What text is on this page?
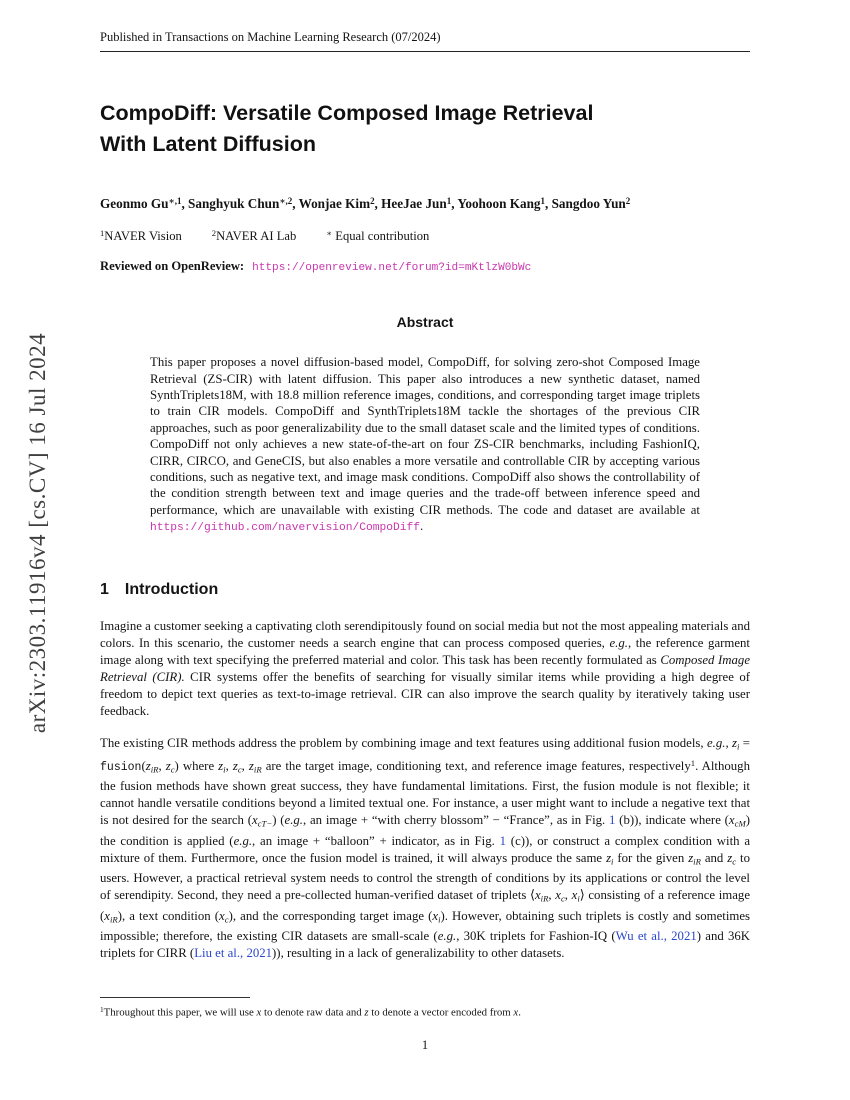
arXiv:2303.11916v4 [cs.CV] 16 Jul 2024
Published in Transactions on Machine Learning Research (07/2024)
CompoDiff: Versatile Composed Image Retrieval
With Latent Diffusion
Geonmo $Gu^{∗,1}$, Sanghyuk Chun$^{∗,2}$, Wonjae Kim$^2$, HeeJae Jun$^1$, Yoohoon Kang$^1$, Sangdoo Yun$^2$
$^1$NAVER Vision	$^2$NAVER AI Lab	∗ Equal contribution
Reviewed on OpenReview: https://openreview.net/forum?id=mKtlzW0bWc
Abstract
This paper proposes a novel diffusion-based model, CompoDiff, for solving zero-shot Composed Image Retrieval (ZS-CIR) with latent diffusion. This paper also introduces a new synthetic dataset, named SynthTriplets18M, with 18.8 million reference images, conditions, and corresponding target image triplets to train CIR models. CompoDiff and SynthTriplets18M tackle the shortages of the previous CIR approaches, such as poor generalizability due to the small dataset scale and the limited types of conditions. CompoDiff not only achieves a new state-of-the-art on four ZS-CIR benchmarks, including FashionIQ, CIRR, CIRCO, and GeneCIS, but also enables a more versatile and controllable CIR by accepting various conditions, such as negative text, and image mask conditions. CompoDiff also shows the controllability of the condition strength between text and image queries and the trade-off between inference speed and performance, which are unavailable with existing CIR methods. The code and dataset are available at https://github.com/navervision/CompoDiff.
1 Introduction

Imagine a customer seeking a captivating cloth serendipitously found on social media but not the most appealing materials and colors. In this scenario, the customer needs a search engine that can process composed queries, e.g., the reference garment image along with text specifying the preferred material and color. This task has been recently formulated as Composed Image Retrieval (CIR). CIR systems offer the benefits of searching for visually similar items while providing a high degree of freedom to depict text queries as text-to-image retrieval. CIR can also improve the search quality by iteratively taking user feedback.

The existing CIR methods address the problem by combining image and text features using additional fusion models, e.g., $z_i$ = $fusion(z_{iR}$, $z_c$) where $z_i$, $z_c$, $z_{iR}$ are the target image, conditioning text, and reference image features, respectively$^1$. Although the fusion methods have shown great success, they have fundamental limitations. First, the fusion module is not flexible; it cannot handle versatile conditions beyond a limited textual one. For instance, a user might want to include a negative text that is not desired for the search $(x_{cT-})$ (e.g., an image + “with cherry blossom” − “France”, as in Fig. 1 (b)), indicate where $(x_{cM})$ the condition is applied (e.g., an image + “balloon” + indicator, as in Fig. 1 (c)), or construct a complex condition with a mixture of them. Furthermore, once the fusion model is trained, it will always produce the same $z_i$ for the given $z_{iR}$ and $z_c$ to users. However, a practical retrieval system needs to control the strength of conditions by its applications or control the level of serendipity. Second, they need a pre-collected human-verified dataset of triplets $⟨x_{iR}$, $x_c$, $x_i⟩$ consisting of a reference image $(x_{iR})$, a text condition $(x_c)$, and the corresponding target image $(x_i)$. However, obtaining such triplets is costly and sometimes impossible; therefore, the existing CIR datasets are small-scale (e.g., 30K triplets for Fashion-IQ (Wu et al., 2021) and 36K triplets for CIRR (Liu et al., 2021)), resulting in a lack of generalizability to other datasets.

$^1$Throughout this paper, we will use x to denote raw data and z to denote a vector encoded from x.
1
